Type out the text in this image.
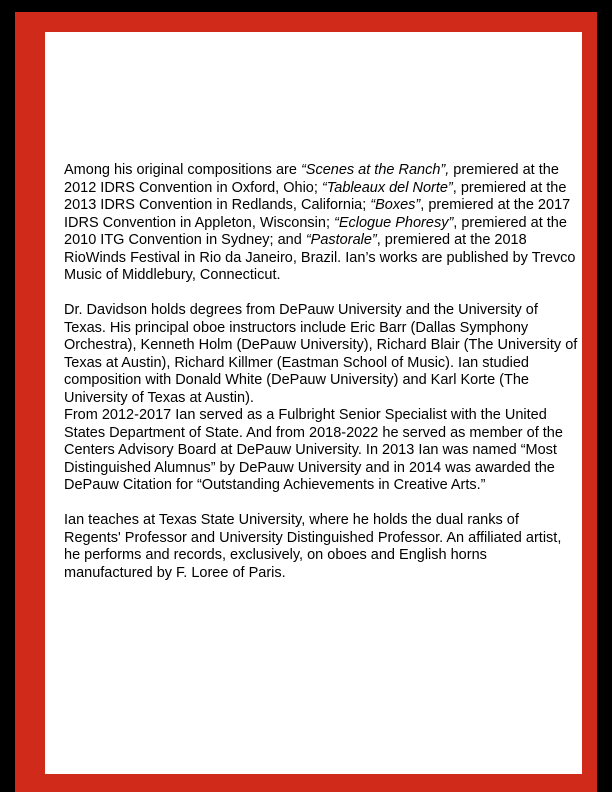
Among his original compositions are “Scenes at the Ranch”, premiered at the 2012 IDRS Convention in Oxford, Ohio; “Tableaux del Norte”, premiered at the 2013 IDRS Convention in Redlands, California; “Boxes”, premiered at the 2017 IDRS Convention in Appleton, Wisconsin; “Eclogue Phoresy”, premiered at the 2010 ITG Convention in Sydney; and “Pastorale”, premiered at the 2018 RioWinds Festival in Rio da Janeiro, Brazil. Ian’s works are published by Trevco Music of Middlebury, Connecticut.

Dr. Davidson holds degrees from DePauw University and the University of Texas. His principal oboe instructors include Eric Barr (Dallas Symphony Orchestra), Kenneth Holm (DePauw University), Richard Blair (The University of Texas at Austin), Richard Killmer (Eastman School of Music). Ian studied composition with Donald White (DePauw University) and Karl Korte (The University of Texas at Austin).

From 2012-2017 Ian served as a Fulbright Senior Specialist with the United States Department of State. And from 2018-2022 he served as member of the Centers Advisory Board at DePauw University. In 2013 Ian was named “Most Distinguished Alumnus” by DePauw University and in 2014 was awarded the DePauw Citation for “Outstanding Achievements in Creative Arts.”

Ian teaches at Texas State University, where he holds the dual ranks of Regents' Professor and University Distinguished Professor. An affiliated artist, he performs and records, exclusively, on oboes and English horns manufactured by F. Loree of Paris.
